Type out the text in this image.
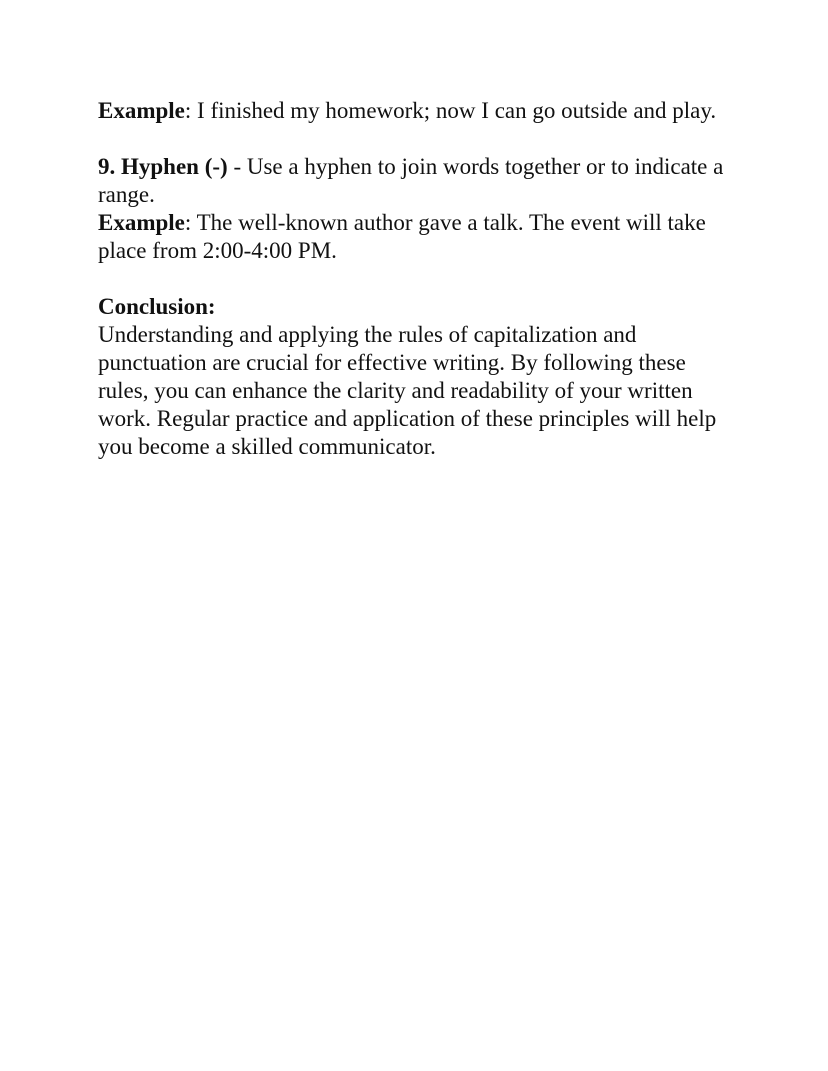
Example: I finished my homework; now I can go outside and play.

9. Hyphen (-) - Use a hyphen to join words together or to indicate a range.

Example: The well-known author gave a talk. The event will take place from 2:00-4:00 PM.

Conclusion:

Understanding and applying the rules of capitalization and punctuation are crucial for effective writing. By following these rules, you can enhance the clarity and readability of your written work. Regular practice and application of these principles will help you become a skilled communicator.
